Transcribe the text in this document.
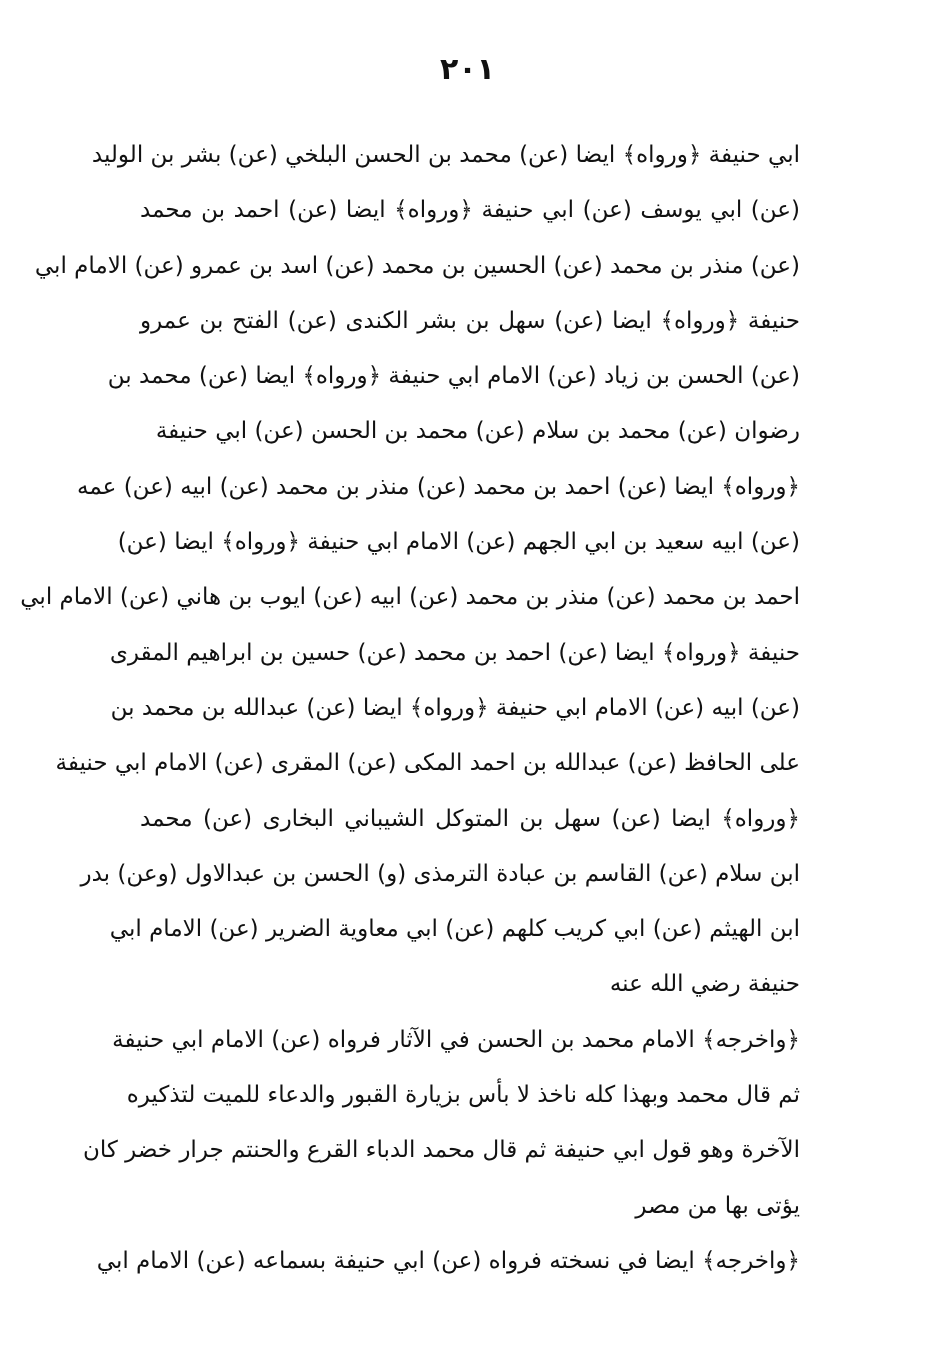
٢٠١
ابي حنيفة ﴿ورواه﴾ ايضا (عن) محمد بن الحسن البلخي (عن) بشر بن الوليد
(عن) ابي يوسف (عن) ابي حنيفة ﴿ورواه﴾ ايضا (عن) احمد بن محمد
(عن) منذر بن محمد (عن) الحسين بن محمد (عن) اسد بن عمرو (عن) الامام ابي
حنيفة ﴿ورواه﴾ ايضا (عن) سهل بن بشر الكندى (عن) الفتح بن عمرو
(عن) الحسن بن زياد (عن) الامام ابي حنيفة ﴿ورواه﴾ ايضا (عن) محمد بن
رضوان (عن) محمد بن سلام (عن) محمد بن الحسن (عن) ابي حنيفة
﴿ورواه﴾ ايضا (عن) احمد بن محمد (عن) منذر بن محمد (عن) ابيه (عن) عمه
(عن) ابيه سعيد بن ابي الجهم (عن) الامام ابي حنيفة ﴿ورواه﴾ ايضا (عن)
احمد بن محمد (عن) منذر بن محمد (عن) ابيه (عن) ايوب بن هاني (عن) الامام ابي
حنيفة ﴿ورواه﴾ ايضا (عن) احمد بن محمد (عن) حسين بن ابراهيم المقرى
(عن) ابيه (عن) الامام ابي حنيفة ﴿ورواه﴾ ايضا (عن) عبدالله بن محمد بن
على الحافظ (عن) عبدالله بن احمد المكى (عن) المقرى (عن) الامام ابي حنيفة
﴿ورواه﴾ ايضا (عن) سهل بن المتوكل الشيباني البخارى (عن) محمد
ابن سلام (عن) القاسم بن عبادة الترمذى (و) الحسن بن عبدالاول (وعن) بدر
ابن الهيثم (عن) ابي كريب كلهم (عن) ابي معاوية الضرير (عن) الامام ابي
حنيفة رضي الله عنه
﴿واخرجه﴾ الامام محمد بن الحسن في الآثار فرواه (عن) الامام ابي حنيفة
ثم قال محمد وبهذا كله ناخذ لا بأس بزيارة القبور والدعاء للميت لتذكيره
الآخرة وهو قول ابي حنيفة ثم قال محمد الدباء القرع والحنتم جرار خضر كان
يؤتى بها من مصر
﴿واخرجه﴾ ايضا في نسخته فرواه (عن) ابي حنيفة بسماعه (عن) الامام ابي
